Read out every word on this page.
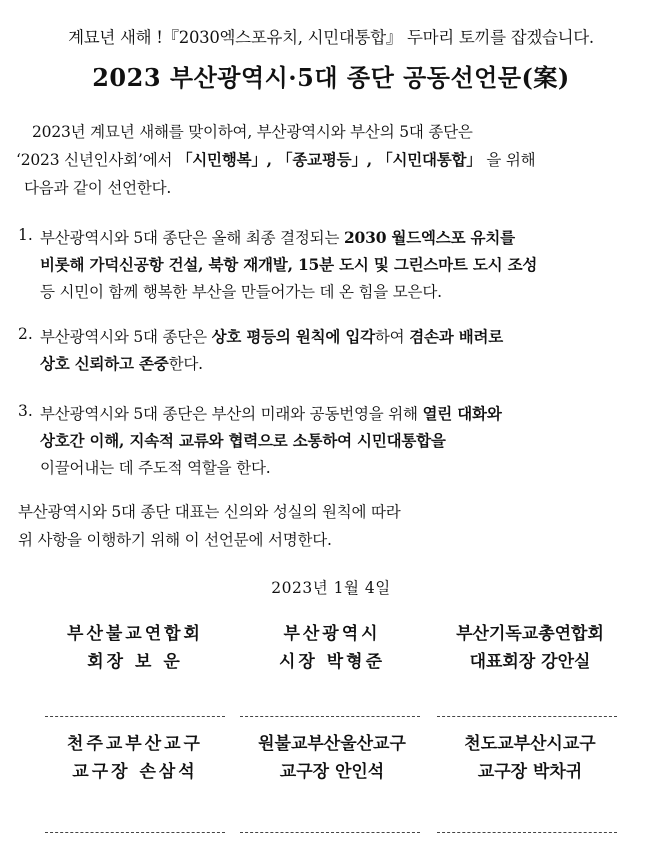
계묘년 새해 !『2030엑스포유치, 시민대통합』 두마리 토끼를 잡겠습니다.
2023 부산광역시·5대 종단 공동선언문(案)
2023년 계묘년 새해를 맞이하여, 부산광역시와 부산의 5대 종단은
‘2023 신년인사회’에서 「시민행복」, 「종교평등」, 「시민대통합」 을 위해
다음과 같이 선언한다.
1. 부산광역시와 5대 종단은 올해 최종 결정되는 2030 월드엑스포 유치를
비롯해 가덕신공항 건설, 북항 재개발, 15분 도시 및 그린스마트 도시 조성
등 시민이 함께 행복한 부산을 만들어가는 데 온 힘을 모은다.
2. 부산광역시와 5대 종단은 상호 평등의 원칙에 입각하여 겸손과 배려로
상호 신뢰하고 존중한다.
3. 부산광역시와 5대 종단은 부산의 미래와 공동번영을 위해 열린 대화와
상호간 이해, 지속적 교류와 협력으로 소통하여 시민대통합을
이끌어내는 데 주도적 역할을 한다.
부산광역시와 5대 종단 대표는 신의와 성실의 원칙에 따라
위 사항을 이행하기 위해 이 선언문에 서명한다.
2023년 1월 4일
부산불교연합회
회장 보 운
부산광역시
시장 박형준
부산기독교총연합회
대표회장 강안실
천주교부산교구
교구장 손삼석
원불교부산울산교구
교구장 안인석
천도교부산시교구
교구장 박차귀
